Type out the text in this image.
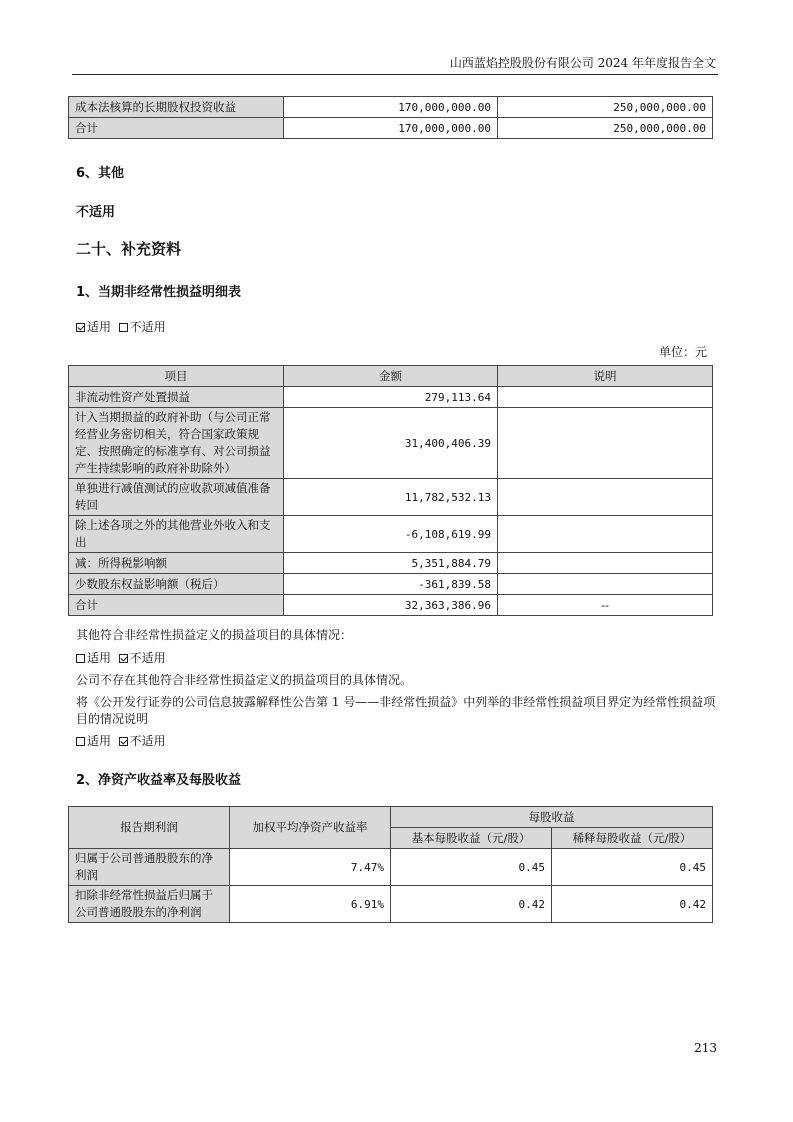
山西蓝焰控股股份有限公司 2024 年年度报告全文
成本法核算的长期股权投资收益	170,000,000.00	250,000,000.00
合计	170,000,000.00	250,000,000.00
6、其他
不适用
二十、补充资料
1、当期非经常性损益明细表
适用 不适用
单位：元
项目	金额	说明
非流动性资产处置损益	279,113.64	
计入当期损益的政府补助（与公司正常经营业务密切相关，符合国家政策规定、按照确定的标准享有、对公司损益产生持续影响的政府补助除外）	31,400,406.39	
单独进行减值测试的应收款项减值准备转回	11,782,532.13	
除上述各项之外的其他营业外收入和支出	-6,108,619.99	
减：所得税影响额	5,351,884.79	
少数股东权益影响额（税后）	-361,839.58	
合计	32,363,386.96	--
其他符合非经常性损益定义的损益项目的具体情况：
适用 不适用
公司不存在其他符合非经常性损益定义的损益项目的具体情况。
将《公开发行证券的公司信息披露解释性公告第 1 号——非经常性损益》中列举的非经常性损益项目界定为经常性损益项目的情况说明
适用 不适用
2、净资产收益率及每股收益
报告期利润	加权平均净资产收益率	每股收益	
		基本每股收益（元/股）	稀释每股收益（元/股）
归属于公司普通股股东的净利润	7.47%	0.45	0.45
扣除非经常性损益后归属于公司普通股股东的净利润	6.91%	0.42	0.42
213
